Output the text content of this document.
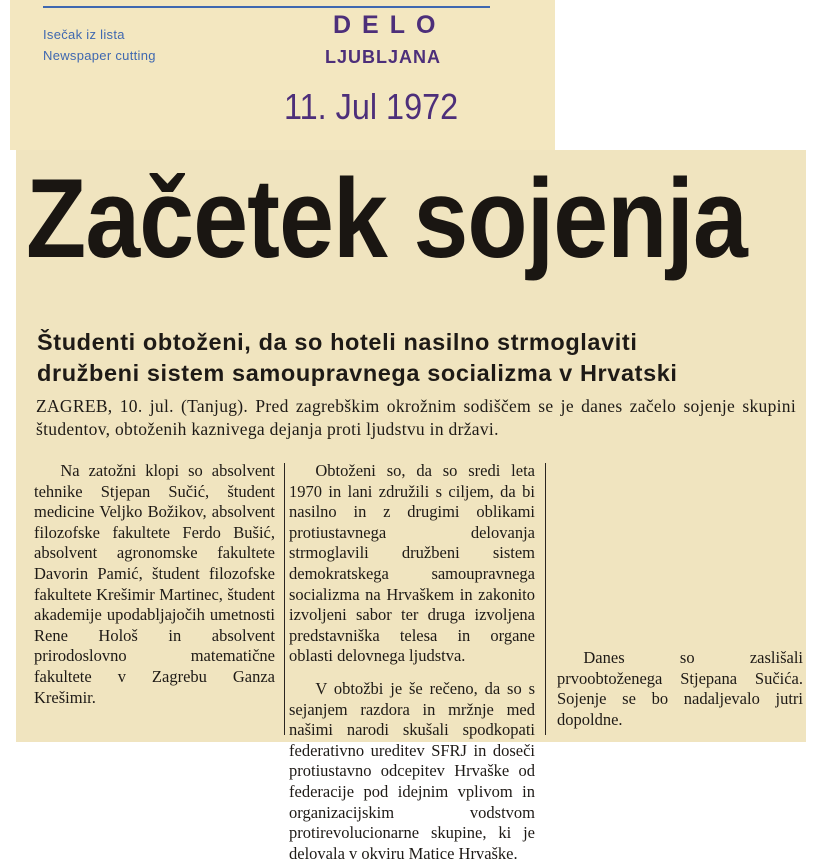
Isečak iz lista
Newspaper cutting
DELO
LJUBLJANA
11. Jul 1972
Začetek sojenja
Študenti obtoženi, da so hoteli nasilno strmoglaviti
družbeni sistem samoupravnega socializma v Hrvatski
ZAGREB, 10. jul. (Tanjug). Pred zagrebškim okrožnim sodiščem se je danes začelo sojenje skupini študentov, obtoženih kaznivega dejanja proti ljudstvu in državi.

Na zatožni klopi so absolvent tehnike Stjepan Sučić, študent medicine Veljko Božikov, absolvent filozofske fakultete Ferdo Bušić, absolvent agronomske fakultete Davorin Pamić, študent filozofske fakultete Krešimir Martinec, študent akademije upodabljajočih umetnosti Rene Hološ in absolvent prirodoslovno matematične fakultete v Zagrebu Ganza Krešimir.

Obtoženi so, da so sredi leta 1970 in lani združili s ciljem, da bi nasilno in z drugimi oblikami protiustavnega delovanja strmoglavili družbeni sistem demokratskega samoupravnega socializma na Hrvaškem in zakonito izvoljeni sabor ter druga izvoljena predstavniška telesa in organe oblasti delovnega ljudstva.

V obtožbi je še rečeno, da so s sejanjem razdora in mržnje med našimi narodi skušali spodkopati federativno ureditev SFRJ in doseči protiustavno odcepitev Hrvaške od federacije pod idejnim vplivom in organizacijskim vodstvom protirevolucionarne skupine, ki je delovala v okviru Matice Hrvaške.

Danes so zaslišali prvoobtoženega Stjepana Sučića. Sojenje se bo nadaljevalo jutri dopoldne.
